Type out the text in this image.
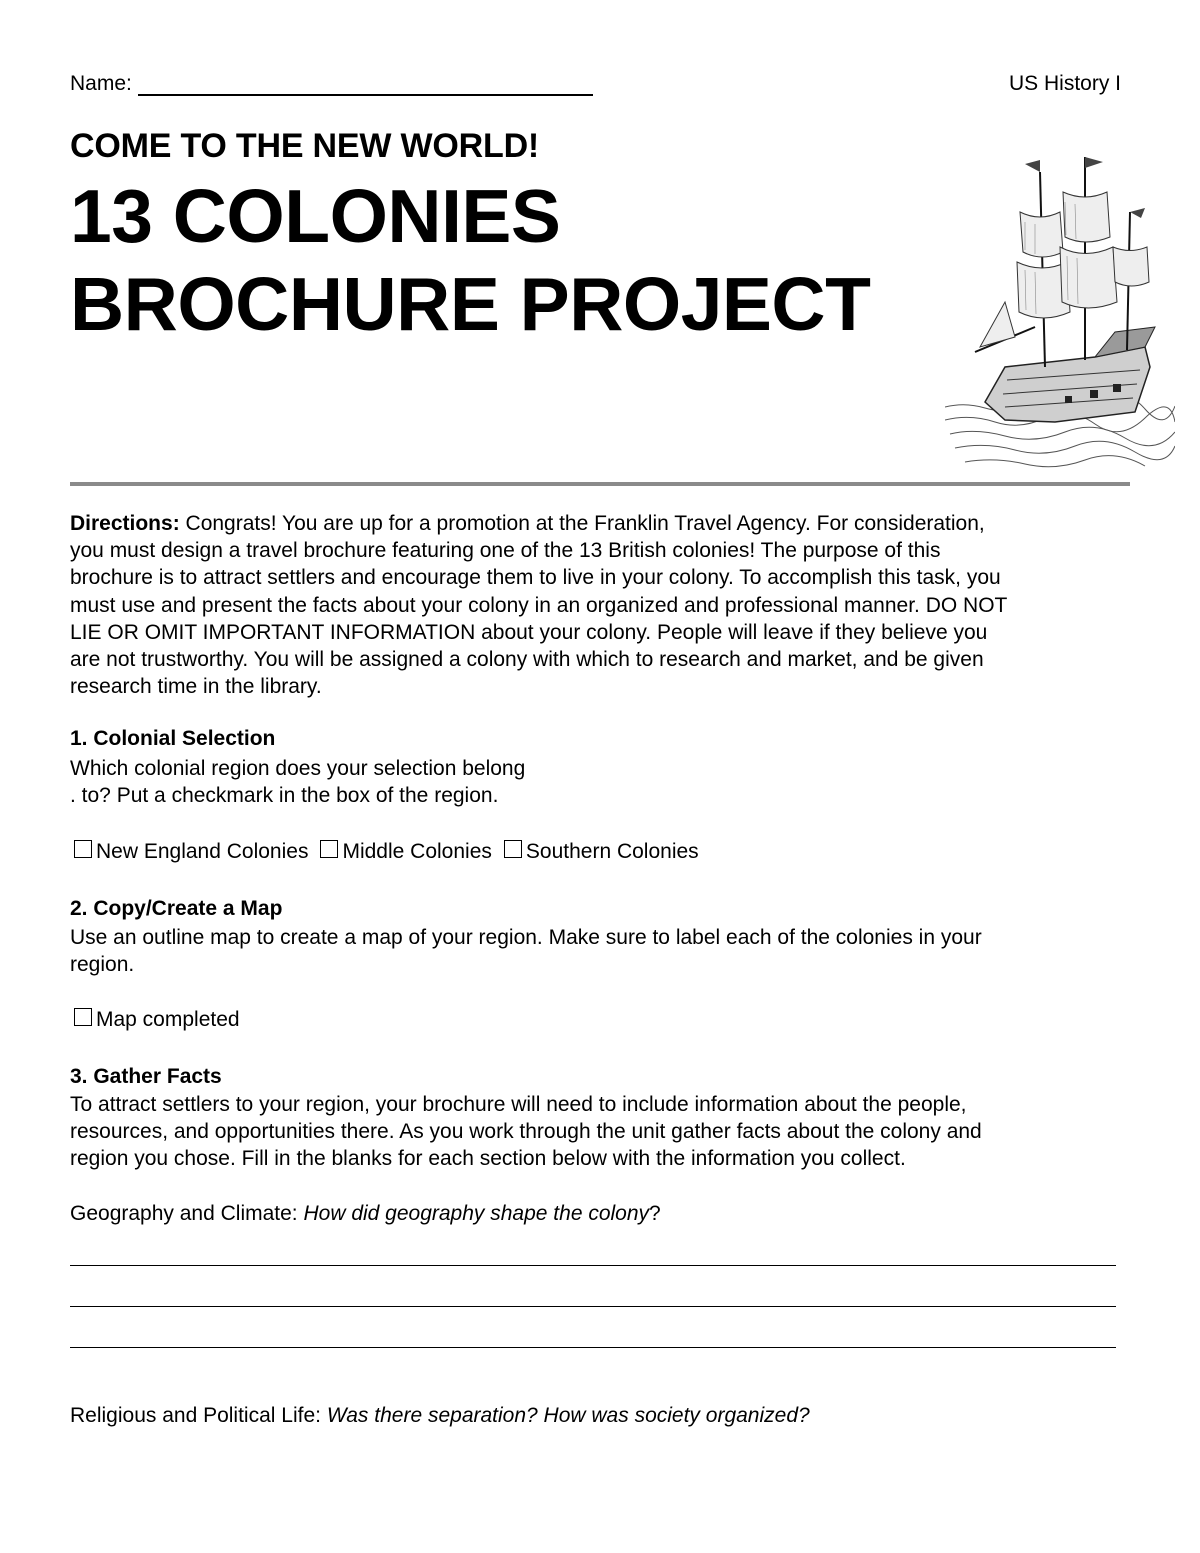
Name:	US History I
COME TO THE NEW WORLD!
13 COLONIES
BROCHURE PROJECT
Directions: Congrats! You are up for a promotion at the Franklin Travel Agency. For consideration,
you must design a travel brochure featuring one of the 13 British colonies! The purpose of this
brochure is to attract settlers and encourage them to live in your colony. To accomplish this task, you
must use and present the facts about your colony in an organized and professional manner. DO NOT
LIE OR OMIT IMPORTANT INFORMATION about your colony. People will leave if they believe you
are not trustworthy. You will be assigned a colony with which to research and market, and be given
research time in the library.
1. Colonial Selection
Which colonial region does your selection belong
. to? Put a checkmark in the box of the region.
New England Colonies Middle Colonies Southern Colonies
2. Copy/Create a Map
Use an outline map to create a map of your region. Make sure to label each of the colonies in your
region.
Map completed
3. Gather Facts
To attract settlers to your region, your brochure will need to include information about the people,
resources, and opportunities there. As you work through the unit gather facts about the colony and
region you chose. Fill in the blanks for each section below with the information you collect.
Geography and Climate: How did geography shape the colony?
Religious and Political Life: Was there separation? How was society organized?
